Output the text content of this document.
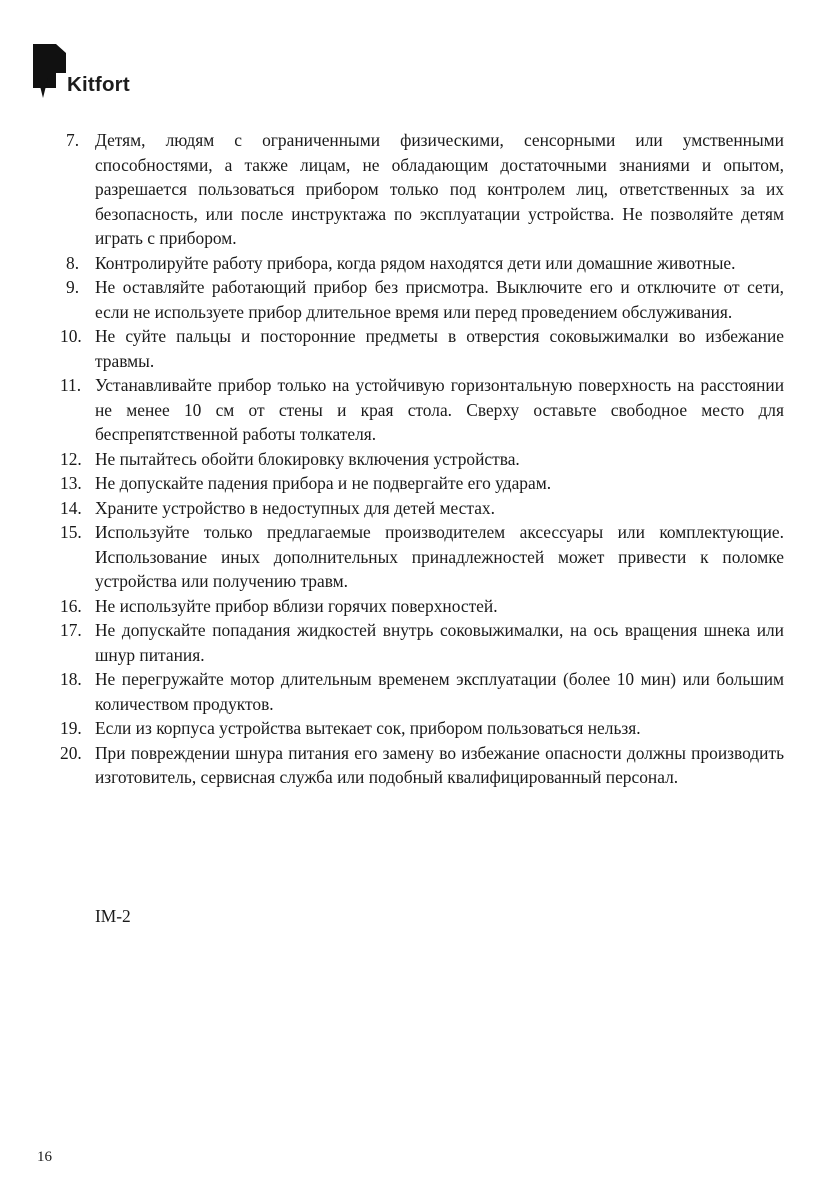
Kitfort
7. Детям, людям с ограниченными физическими, сенсорными или умственными способностями, а также лицам, не обладающим достаточными знаниями и опытом, разрешается пользоваться прибором только под контролем лиц, ответственных за их безопасность, или после инструктажа по эксплуатации устройства. Не позволяйте детям играть с прибором.
8. Контролируйте работу прибора, когда рядом находятся дети или домашние животные.
9. Не оставляйте работающий прибор без присмотра. Выключите его и отключите от сети, если не используете прибор длительное время или перед проведением обслуживания.
10. Не суйте пальцы и посторонние предметы в отверстия соковыжималки во избежание травмы.
11. Устанавливайте прибор только на устойчивую горизонтальную поверхность на расстоянии не менее 10 см от стены и края стола. Сверху оставьте свободное место для беспрепятственной работы толкателя.
12. Не пытайтесь обойти блокировку включения устройства.
13. Не допускайте падения прибора и не подвергайте его ударам.
14. Храните устройство в недоступных для детей местах.
15. Используйте только предлагаемые производителем аксессуары или комплектующие. Использование иных дополнительных принадлежностей может привести к поломке устройства или получению травм.
16. Не используйте прибор вблизи горячих поверхностей.
17. Не допускайте попадания жидкостей внутрь соковыжималки, на ось вращения шнека или шнур питания.
18. Не перегружайте мотор длительным временем эксплуатации (более 10 мин) или большим количеством продуктов.
19. Если из корпуса устройства вытекает сок, прибором пользоваться нельзя.
20. При повреждении шнура питания его замену во избежание опасности должны производить изготовитель, сервисная служба или подобный квалифицированный персонал.
IM-2
16
